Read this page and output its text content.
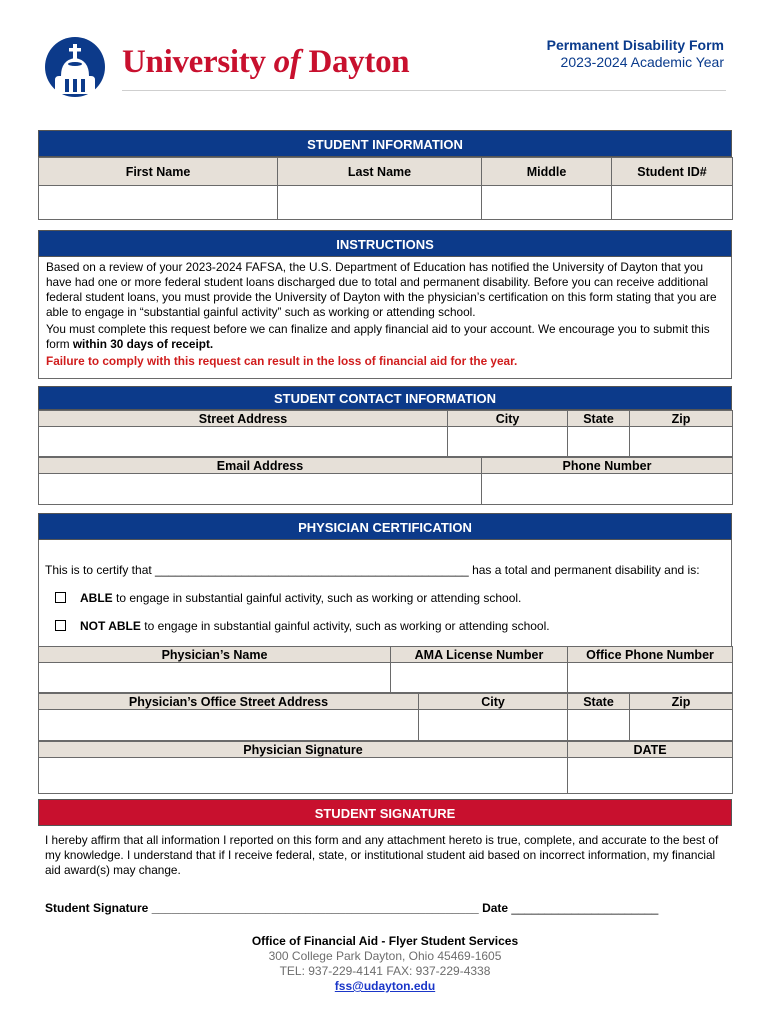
University of Dayton	Permanent Disability Form
2023-2024 Academic Year
STUDENT INFORMATION
First Name	Last Name	Middle	Student ID#

INSTRUCTIONS

Based on a review of your 2023-2024 FAFSA, the U.S. Department of Education has notified the University of Dayton that you have had one or more federal student loans discharged due to total and permanent disability. Before you can receive additional federal student loans, you must provide the University of Dayton with the physician’s certification on this form stating that you are able to engage in “substantial gainful activity” such as working or attending school.

You must complete this request before we can finalize and apply financial aid to your account. We encourage you to submit this form within 30 days of receipt.

Failure to comply with this request can result in the loss of financial aid for the year.

STUDENT CONTACT INFORMATION
Street Address	City	State	Zip

Email Address	Phone Number

PHYSICIAN CERTIFICATION
This is to certify that _______________________________________________ has a total and permanent disability and is:
ABLE to engage in substantial gainful activity, such as working or attending school.
NOT ABLE to engage in substantial gainful activity, such as working or attending school.
Physician’s Name	AMA License Number	Office Phone Number

Physician’s Office Street Address	City	State	Zip

Physician Signature	DATE

STUDENT SIGNATURE
I hereby affirm that all information I reported on this form and any attachment hereto is true, complete, and accurate to the best of my knowledge. I understand that if I receive federal, state, or institutional student aid based on incorrect information, my financial aid award(s) may change.
Student Signature _________________________________________________ Date ______________________
Office of Financial Aid - Flyer Student Services
300 College Park Dayton, Ohio 45469-1605
TEL: 937-229-4141 FAX: 937-229-4338
fss@udayton.edu
